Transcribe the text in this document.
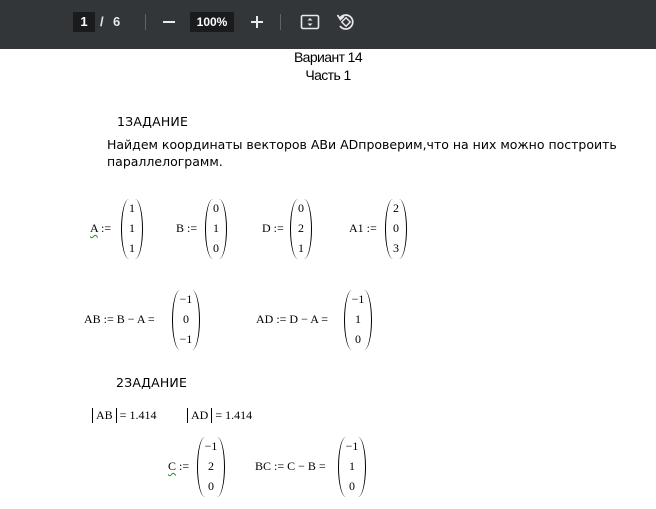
1 / 6	100%
Вариант 14
Часть 1
1ЗАДАНИЕ
Найдем координаты векторов ABи ADпроверим,что на них можно построить параллелограмм.
A :=
1
1
1
B :=
0
1
0
D :=
0
2
1
A1 :=
2
0
3
AB := B − A =
−1
0
−1
AD := D − A =
−1
1
0
2ЗАДАНИЕ
AB = 1.414	AD = 1.414
C :=
−1
2
0
BC := C − B =
−1
1
0
